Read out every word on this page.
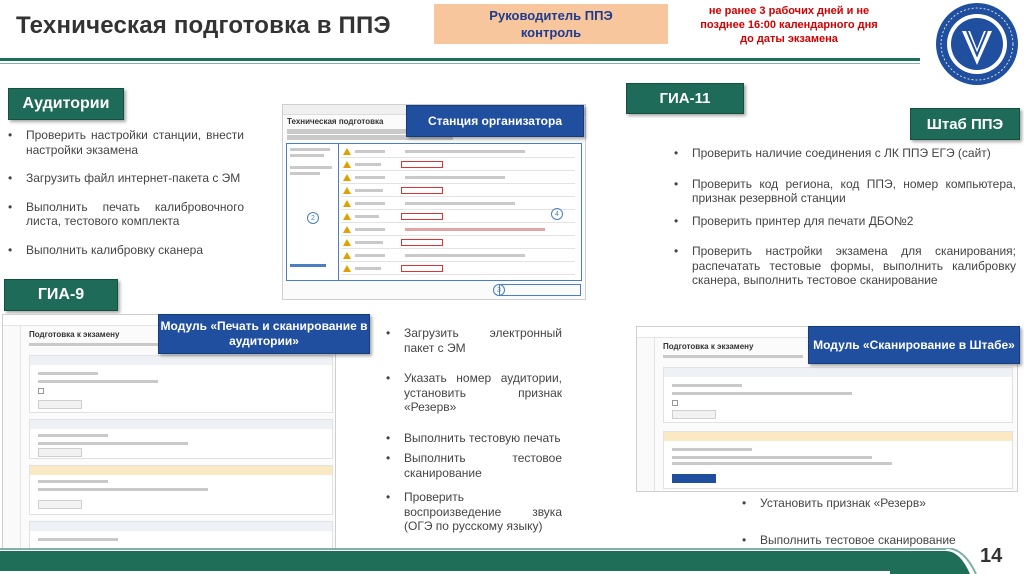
Техническая подготовка в ППЭ	Руководитель ППЭ
контроль
не ранее 3 рабочих дней и не позднее 16:00 календарного дня до даты экзамена
Аудитории	ГИА-11
Штаб ППЭ
ГИА-9
• Проверить настройки станции, внести настройки экзамена
• Загрузить файл интернет-пакета с ЭМ
• Выполнить печать калибровочного листа, тестового комплекта
• Выполнить калибровку сканера
Техническая подготовка
2
4
3
Станция организатора
• Проверить наличие соединения с ЛК ППЭ ЕГЭ (сайт)
• Проверить код региона, код ППЭ, номер компьютера, признак резервной станции
• Проверить принтер для печати ДБО№2
• Проверить настройки экзамена для сканирования; распечатать тестовые формы, выполнить калибровку сканера, выполнить тестовое сканирование
Подготовка к экзамену
Модуль «Печать и сканирование в аудитории»
• Загрузить электронный пакет с ЭМ
• Указать номер аудитории, установить признак «Резерв»
• Выполнить тестовую печать
• Выполнить тестовое сканирование
• Проверить воспроизведение звука (ОГЭ по русскому языку)
Подготовка к экзамену	Модуль «Сканирование в Штабе»
• Установить признак «Резерв»
• Выполнить тестовое сканирование
14
